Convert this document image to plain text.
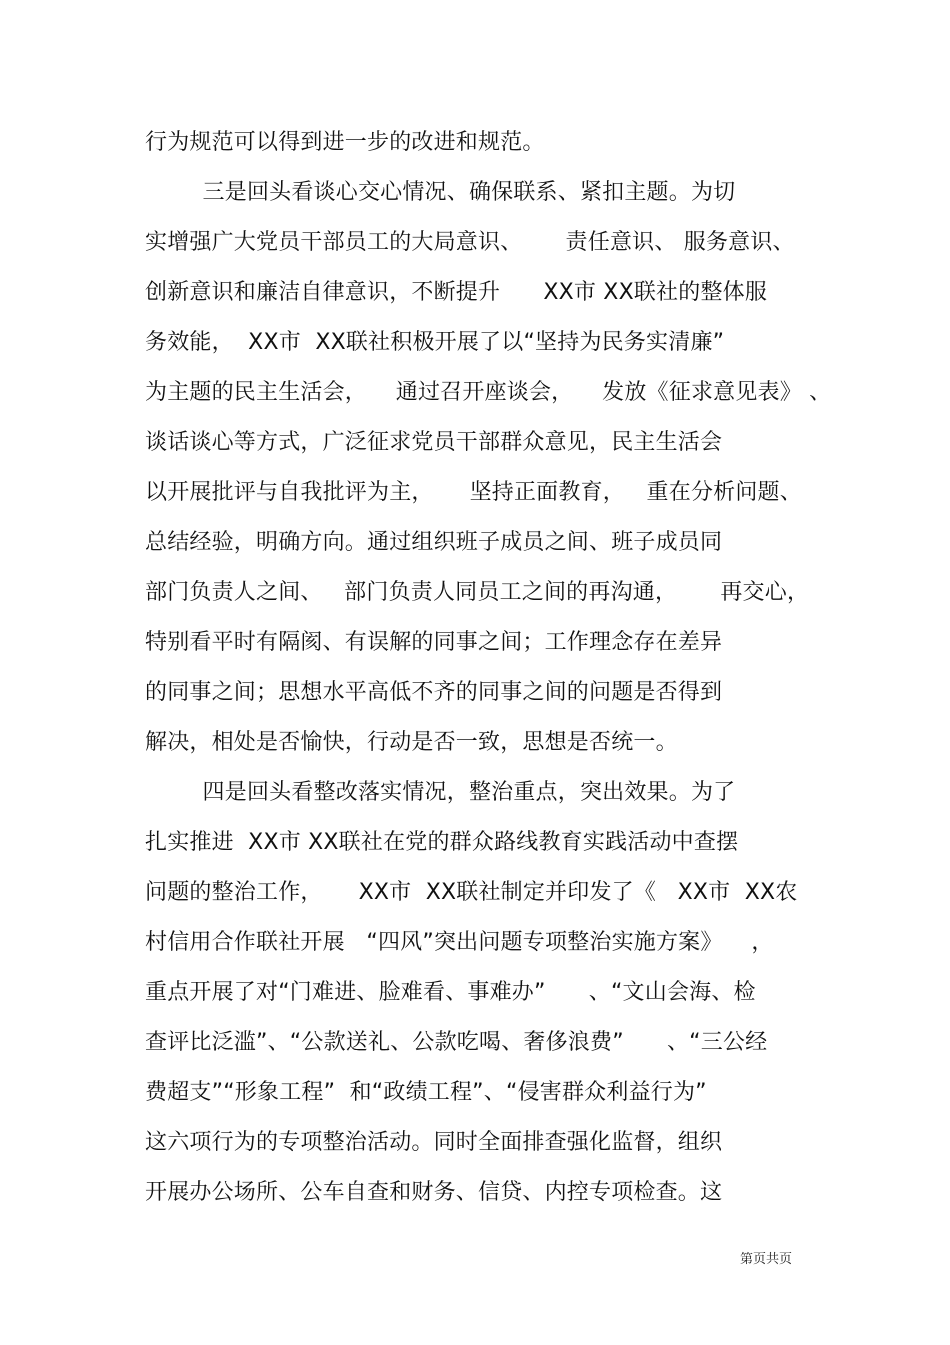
行为规范可以得到进一步的改进和规范。
三是回头看谈心交心情况、确保联系、紧扣主题。为切
实增强广大党员干部员工的大局意识、      责任意识、 服务意识、
创新意识和廉洁自律意识，不断提升      XX市 XX联社的整体服
务效能，  XX市  XX联社积极开展了以“坚持为民务实清廉”
为主题的民主生活会，    通过召开座谈会，    发放《征求意见表》 、
谈话谈心等方式，广泛征求党员干部群众意见，民主生活会
以开展批评与自我批评为主，     坚持正面教育，   重在分析问题、
总结经验，明确方向。通过组织班子成员之间、班子成员同
部门负责人之间、   部门负责人同员工之间的再沟通，      再交心，
特别看平时有隔阂、有误解的同事之间；工作理念存在差异
的同事之间；思想水平高低不齐的同事之间的问题是否得到
解决，相处是否愉快，行动是否一致，思想是否统一。
四是回头看整改落实情况，整治重点，突出效果。为了
扎实推进  XX市 XX联社在党的群众路线教育实践活动中查摆
问题的整治工作，     XX市  XX联社制定并印发了《   XX市  XX农
村信用合作联社开展   “四风”突出问题专项整治实施方案》    ，
重点开展了对“门难进、脸难看、事难办”      、“文山会海、检
查评比泛滥”、“公款送礼、公款吃喝、奢侈浪费”      、“三公经
费超支”“形象工程”  和“政绩工程”、“侵害群众利益行为”
这六项行为的专项整治活动。同时全面排查强化监督，组织
开展办公场所、公车自查和财务、信贷、内控专项检查。这
第页共页
